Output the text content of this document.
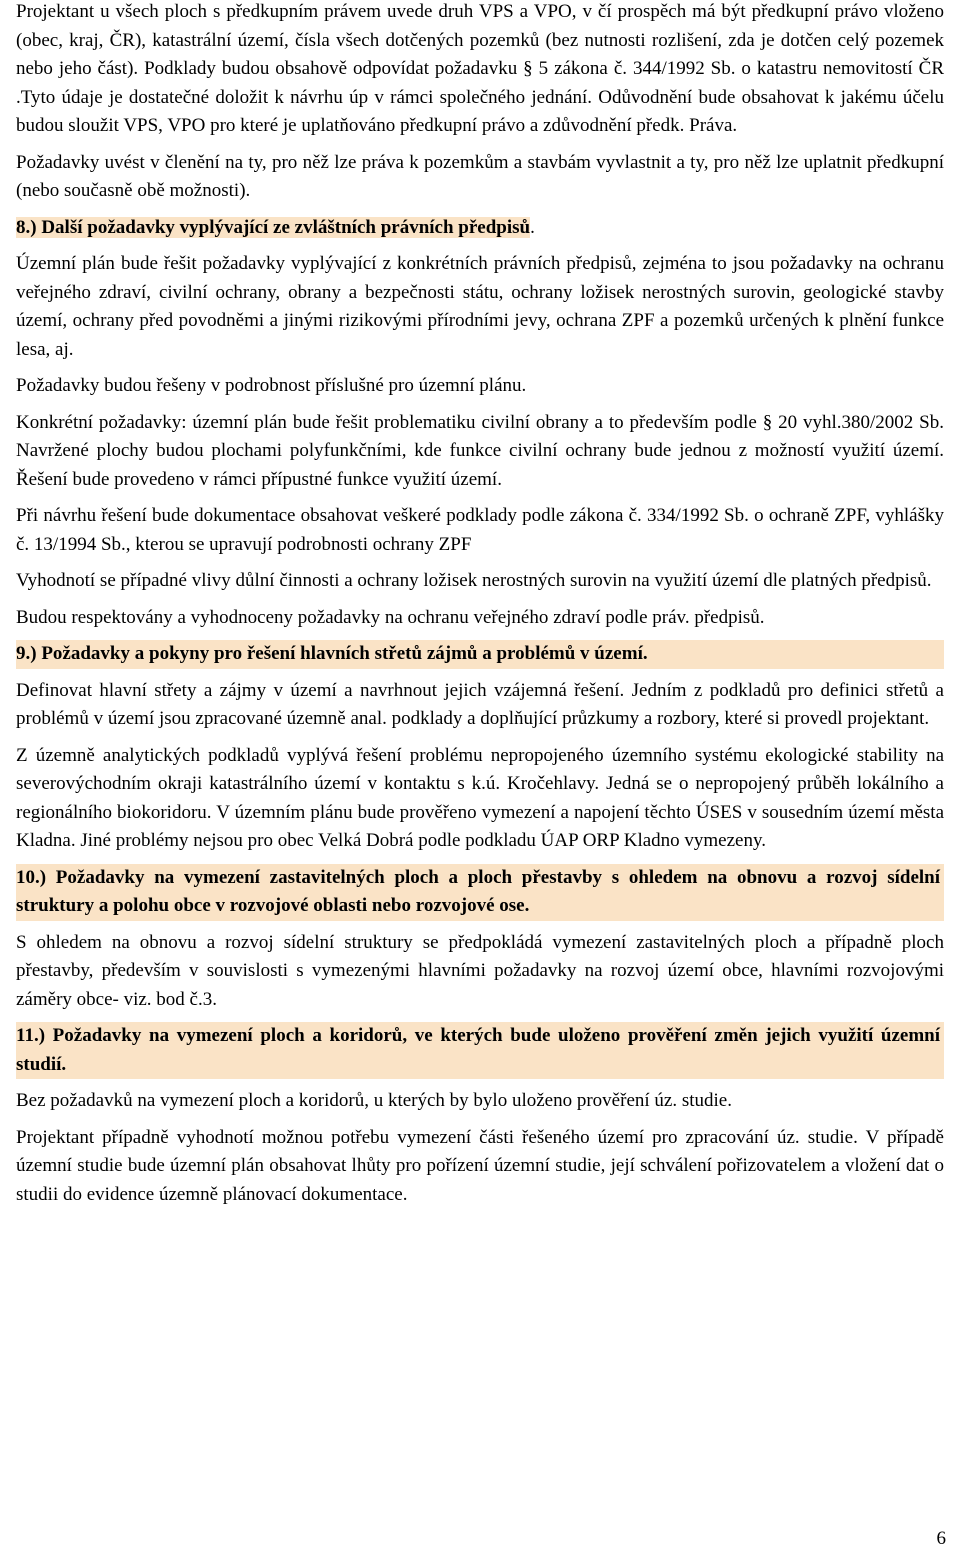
Projektant u všech ploch s předkupním právem uvede druh VPS a VPO, v čí prospěch má být předkupní právo vloženo (obec, kraj, ČR), katastrální území, čísla všech dotčených pozemků (bez nutnosti rozlišení, zda je dotčen celý pozemek nebo jeho část). Podklady budou obsahově odpovídat požadavku § 5 zákona č. 344/1992 Sb. o katastru nemovitostí ČR .Tyto údaje je dostatečné doložit k návrhu úp v rámci společného jednání. Odůvodnění bude obsahovat k jakému účelu budou sloužit VPS, VPO pro které je uplatňováno předkupní právo a zdůvodnění předk. Práva.

Požadavky uvést v členění na ty, pro něž lze práva k pozemkům a stavbám vyvlastnit a ty, pro něž lze uplatnit předkupní (nebo současně obě možnosti).

8.) Další požadavky vyplývající ze zvláštních právních předpisů.

Územní plán bude řešit požadavky vyplývající z konkrétních právních předpisů, zejména to jsou požadavky na ochranu veřejného zdraví, civilní ochrany, obrany a bezpečnosti státu, ochrany ložisek nerostných surovin, geologické stavby území, ochrany před povodněmi a jinými rizikovými přírodními jevy, ochrana ZPF a pozemků určených k plnění funkce lesa, aj.

Požadavky budou řešeny v podrobnost příslušné pro územní plánu.

Konkrétní požadavky: územní plán bude řešit problematiku civilní obrany a to především podle § 20 vyhl.380/2002 Sb. Navržené plochy budou plochami polyfunkčními, kde funkce civilní ochrany bude jednou z možností využití území. Řešení bude provedeno v rámci přípustné funkce využití území.

Při návrhu řešení bude dokumentace obsahovat veškeré podklady podle zákona č. 334/1992 Sb. o ochraně ZPF, vyhlášky č. 13/1994 Sb., kterou se upravují podrobnosti ochrany ZPF

Vyhodnotí se případné vlivy důlní činnosti a ochrany ložisek nerostných surovin na využití území dle platných předpisů.

Budou respektovány a vyhodnoceny požadavky na ochranu veřejného zdraví podle práv. předpisů.

9.) Požadavky a pokyny pro řešení hlavních střetů zájmů a problémů v území.

Definovat hlavní střety a zájmy v území a navrhnout jejich vzájemná řešení. Jedním z podkladů pro definici střetů a problémů v území jsou zpracované územně anal. podklady a doplňující průzkumy a rozbory, které si provedl projektant.

Z územně analytických podkladů vyplývá řešení problému nepropojeného územního systému ekologické stability na severovýchodním okraji katastrálního území v kontaktu s k.ú. Kročehlavy. Jedná se o nepropojený průběh lokálního a regionálního biokoridoru. V územním plánu bude prověřeno vymezení a napojení těchto ÚSES v sousedním území města Kladna. Jiné problémy nejsou pro obec Velká Dobrá podle podkladu ÚAP ORP Kladno vymezeny.

10.) Požadavky na vymezení zastavitelných ploch a ploch přestavby s ohledem na obnovu a rozvoj sídelní struktury a polohu obce v rozvojové oblasti nebo rozvojové ose.

S ohledem na obnovu a rozvoj sídelní struktury se předpokládá vymezení zastavitelných ploch a případně ploch přestavby, především v souvislosti s vymezenými hlavními požadavky na rozvoj území obce, hlavními rozvojovými záměry obce- viz. bod č.3.

11.) Požadavky na vymezení ploch a koridorů, ve kterých bude uloženo prověření změn jejich využití územní studií.

Bez požadavků na vymezení ploch a koridorů, u kterých by bylo uloženo prověření úz. studie.

Projektant případně vyhodnotí možnou potřebu vymezení části řešeného území pro zpracování úz. studie. V případě územní studie bude územní plán obsahovat lhůty pro pořízení územní studie, její schválení pořizovatelem a vložení dat o studii do evidence územně plánovací dokumentace.

6
